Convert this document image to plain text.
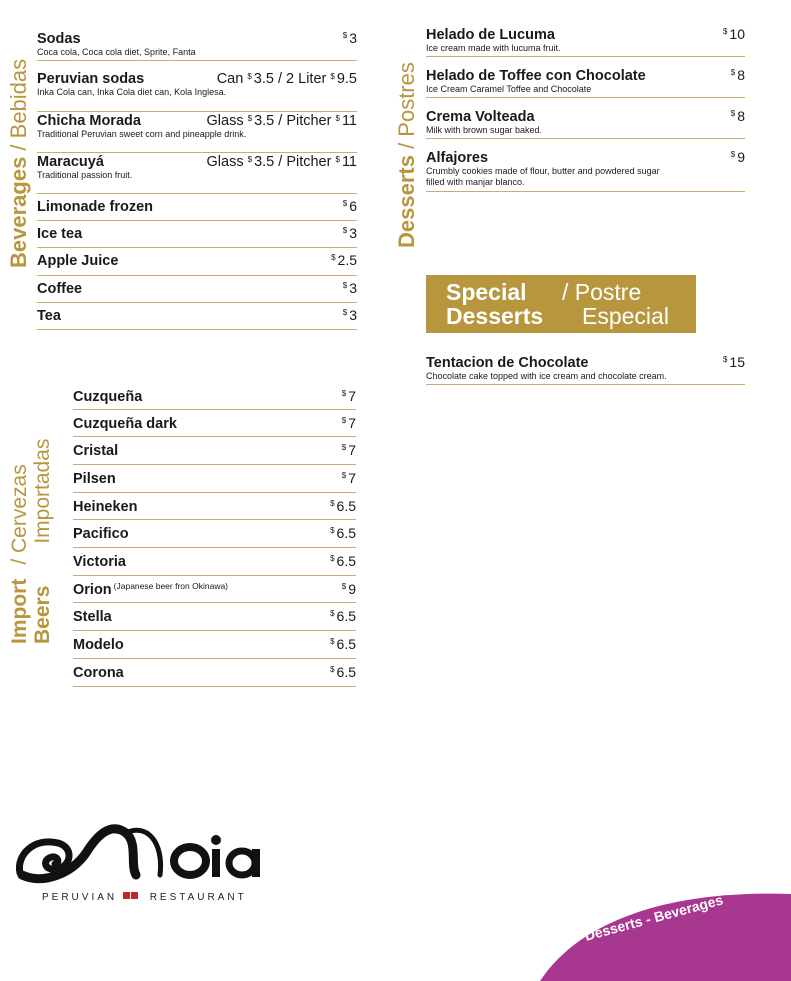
Beverages / Bebidas
Sodas	$ 3
Coca cola, Coca cola diet, Sprite, Fanta
Peruvian sodas	Can $ 3.5 / 2 Liter $ 9.5
Inka Cola can, Inka Cola diet can, Kola Inglesa.
Chicha Morada	Glass $ 3.5 / Pitcher $ 11
Traditional Peruvian sweet corn and pineapple drink.
Maracuyá	Glass $ 3.5 / Pitcher $ 11
Traditional passion fruit.
Limonade frozen	$ 6
Ice tea	$ 3
Apple Juice	$ 2.5
Coffee	$ 3
Tea	$ 3
Desserts / Postres
Helado de Lucuma	$ 10
Ice cream made with lucuma fruit.
Helado de Toffee con Chocolate	$ 8
Ice Cream Caramel Toffee and Chocolate
Crema Volteada	$ 8
Milk with brown sugar baked.
Alfajores	$ 9
Crumbly cookies made of flour, butter and powdered sugar
filled with manjar blanco.
Special
Desserts
/ Postre
Especial
Tentacion de Chocolate	$ 15
Chocolate cake topped with ice cream and chocolate cream.
Import Beers
/ Cervezas Importadas
Cuzqueña	$ 7
Cuzqueña dark	$ 7
Cristal	$ 7
Pilsen	$ 7
Heineken	$ 6.5
Pacifico	$ 6.5
Victoria	$ 6.5
Orion $^{(Japanese beer fron Okinawa)}$	$ 9
Stella	$ 6.5
Modelo	$ 6.5
Corona	$ 6.5
PERUVIAN	RESTAURANT	Desserts - Beverages
